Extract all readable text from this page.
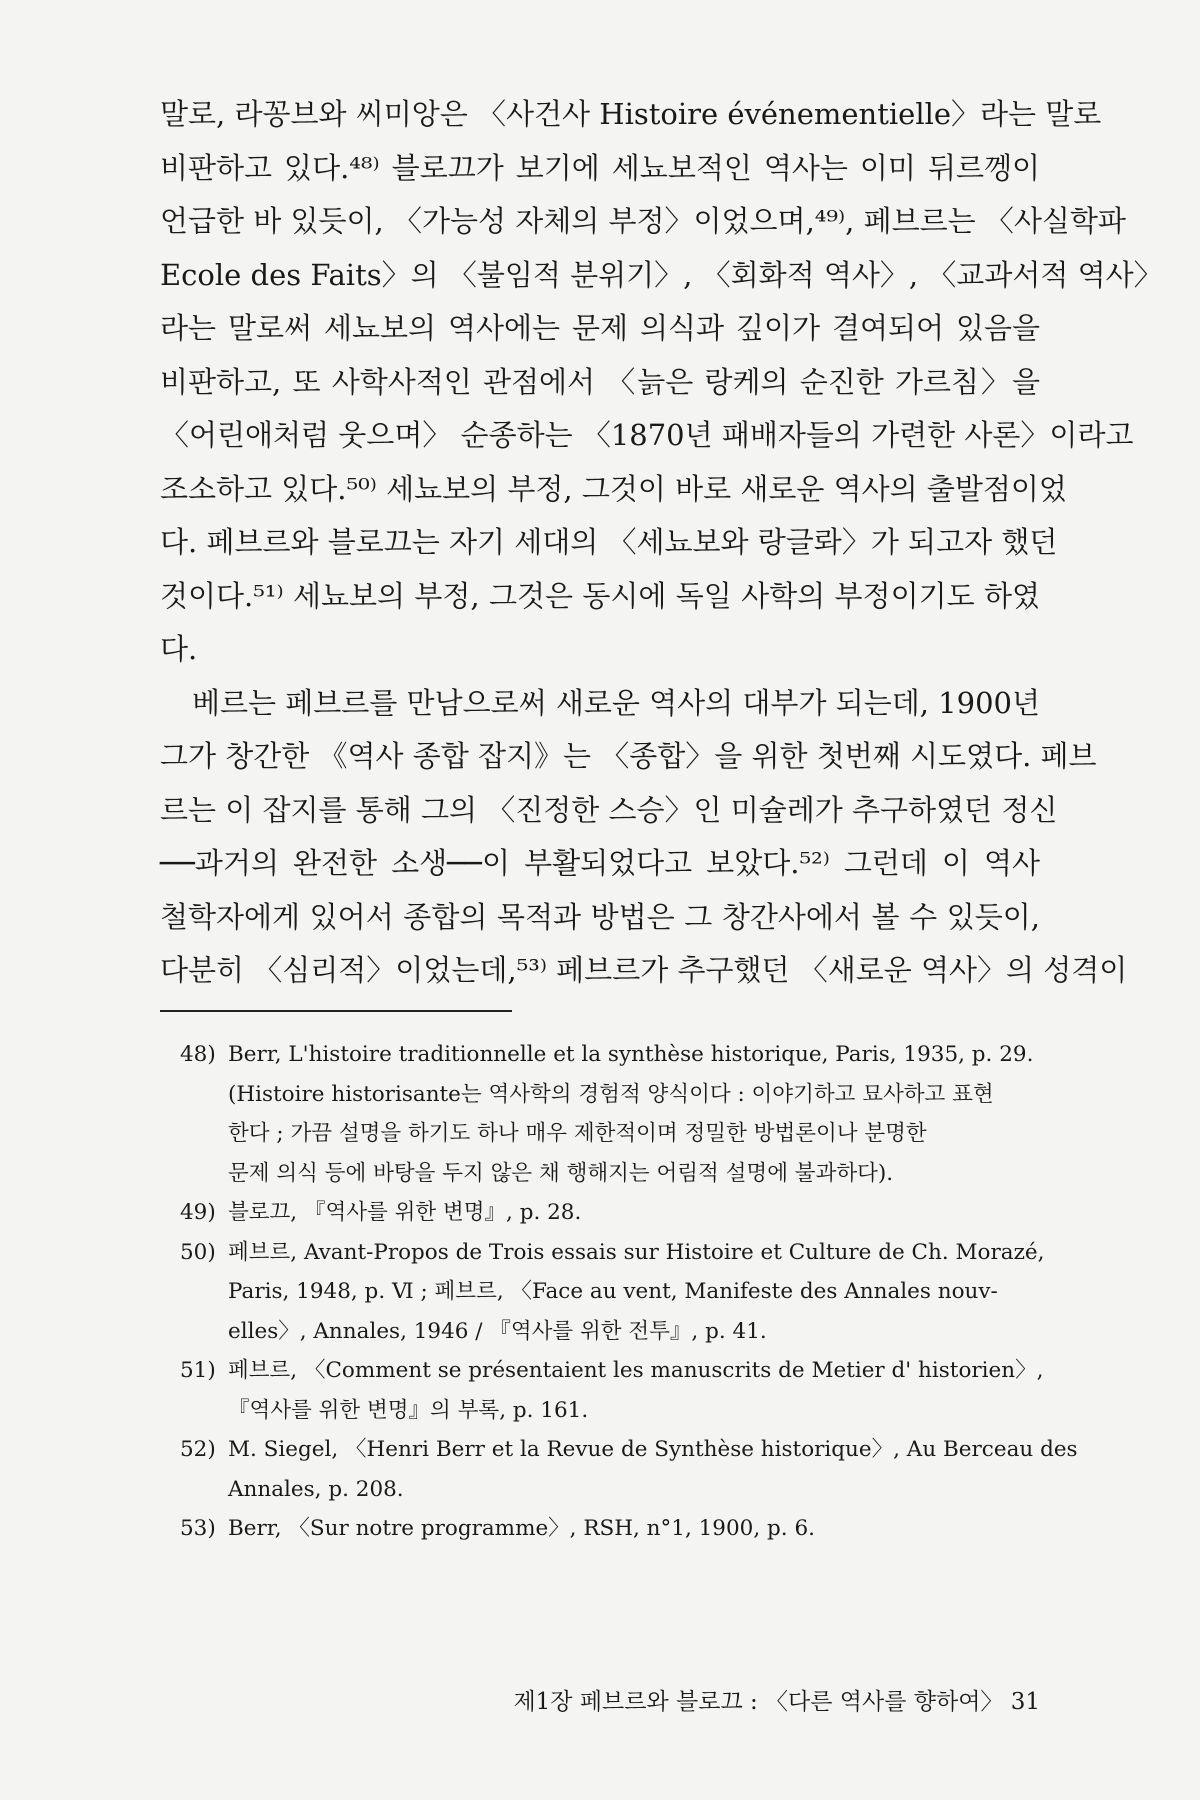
말로, 라꽁브와 씨미앙은 〈사건사 Histoire événementielle〉라는 말로
비판하고 있다.⁴⁸⁾ 블로끄가 보기에 세뇨보적인 역사는 이미 뒤르껭이
언급한 바 있듯이, 〈가능성 자체의 부정〉이었으며,⁴⁹⁾, 페브르는 〈사실학파
Ecole des Faits〉의 〈불임적 분위기〉, 〈회화적 역사〉, 〈교과서적 역사〉
라는 말로써 세뇨보의 역사에는 문제 의식과 깊이가 결여되어 있음을
비판하고, 또 사학사적인 관점에서 〈늙은 랑케의 순진한 가르침〉을
〈어린애처럼 웃으며〉 순종하는 〈1870년 패배자들의 가련한 사론〉이라고
조소하고 있다.⁵⁰⁾ 세뇨보의 부정, 그것이 바로 새로운 역사의 출발점이었
다. 페브르와 블로끄는 자기 세대의 〈세뇨보와 랑글롸〉가 되고자 했던
것이다.⁵¹⁾ 세뇨보의 부정, 그것은 동시에 독일 사학의 부정이기도 하였
다.
베르는 페브르를 만남으로써 새로운 역사의 대부가 되는데, 1900년
그가 창간한 《역사 종합 잡지》는 〈종합〉을 위한 첫번째 시도였다. 페브
르는 이 잡지를 통해 그의 〈진정한 스승〉인 미슐레가 추구하였던 정신
──과거의 완전한 소생──이 부활되었다고 보았다.⁵²⁾ 그런데 이 역사
철학자에게 있어서 종합의 목적과 방법은 그 창간사에서 볼 수 있듯이,
다분히 〈심리적〉이었는데,⁵³⁾ 페브르가 추구했던 〈새로운 역사〉의 성격이
48) Berr, L'histoire traditionnelle et la synthèse historique, Paris, 1935, p. 29.
(Histoire historisante는 역사학의 경험적 양식이다 : 이야기하고 묘사하고 표현
한다 ; 가끔 설명을 하기도 하나 매우 제한적이며 정밀한 방법론이나 분명한
문제 의식 등에 바탕을 두지 않은 채 행해지는 어림적 설명에 불과하다).
49) 블로끄, 『역사를 위한 변명』, p. 28.
50) 페브르, Avant-Propos de Trois essais sur Histoire et Culture de Ch. Morazé,
Paris, 1948, p. Ⅵ ; 페브르, 〈Face au vent, Manifeste des Annales nouv-
elles〉, Annales, 1946 / 『역사를 위한 전투』, p. 41.
51) 페브르, 〈Comment se présentaient les manuscrits de Metier d' historien〉,
『역사를 위한 변명』의 부록, p. 161.
52) M. Siegel, 〈Henri Berr et la Revue de Synthèse historique〉, Au Berceau des
Annales, p. 208.
53) Berr, 〈Sur notre programme〉, RSH, n°1, 1900, p. 6.
제1장 페브르와 블로끄 : 〈다른 역사를 향하여〉 31
